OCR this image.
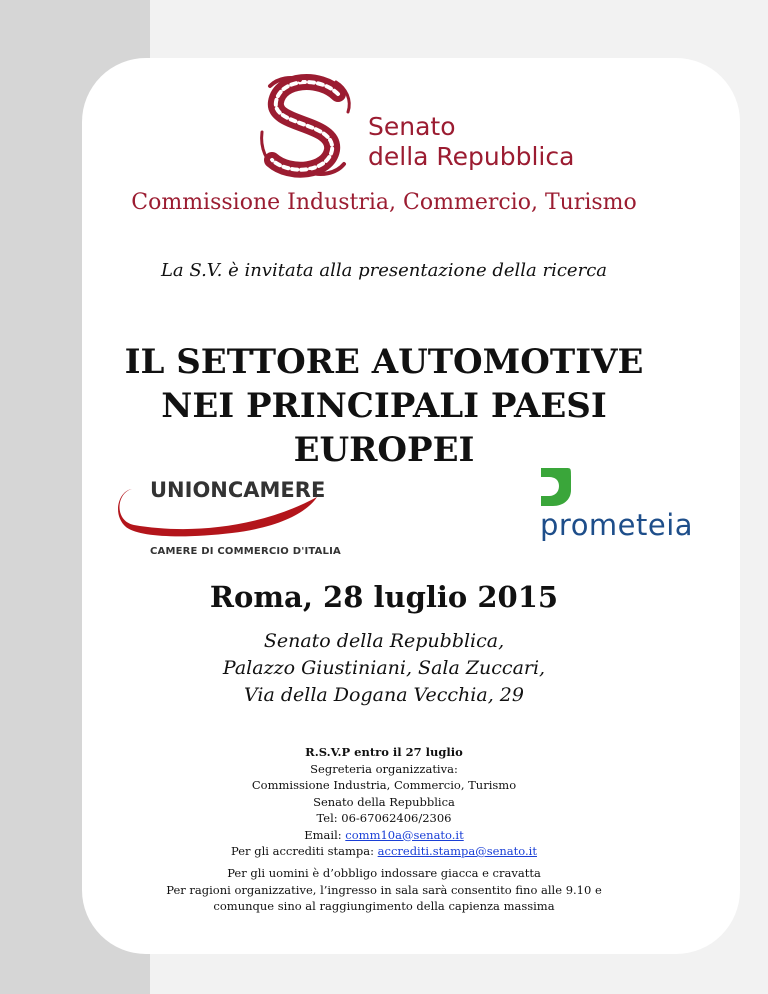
Senato
della Repubblica
Commissione Industria, Commercio, Turismo
La S.V. è invitata alla presentazione della ricerca
IL SETTORE AUTOMOTIVE
NEI PRINCIPALI PAESI
EUROPEI
UNIONCAMERE
CAMERE DI COMMERCIO D'ITALIA
prometeia
Roma, 28 luglio 2015
Senato della Repubblica,
Palazzo Giustiniani, Sala Zuccari,
Via della Dogana Vecchia, 29
R.S.V.P entro il 27 luglio
Segreteria organizzativa:
Commissione Industria, Commercio, Turismo
Senato della Repubblica
Tel: 06-67062406/2306
Email: comm10a@senato.it
Per gli accrediti stampa: accrediti.stampa@senato.it
Per gli uomini è d’obbligo indossare giacca e cravatta
Per ragioni organizzative, l’ingresso in sala sarà consentito fino alle 9.10 e
comunque sino al raggiungimento della capienza massima
